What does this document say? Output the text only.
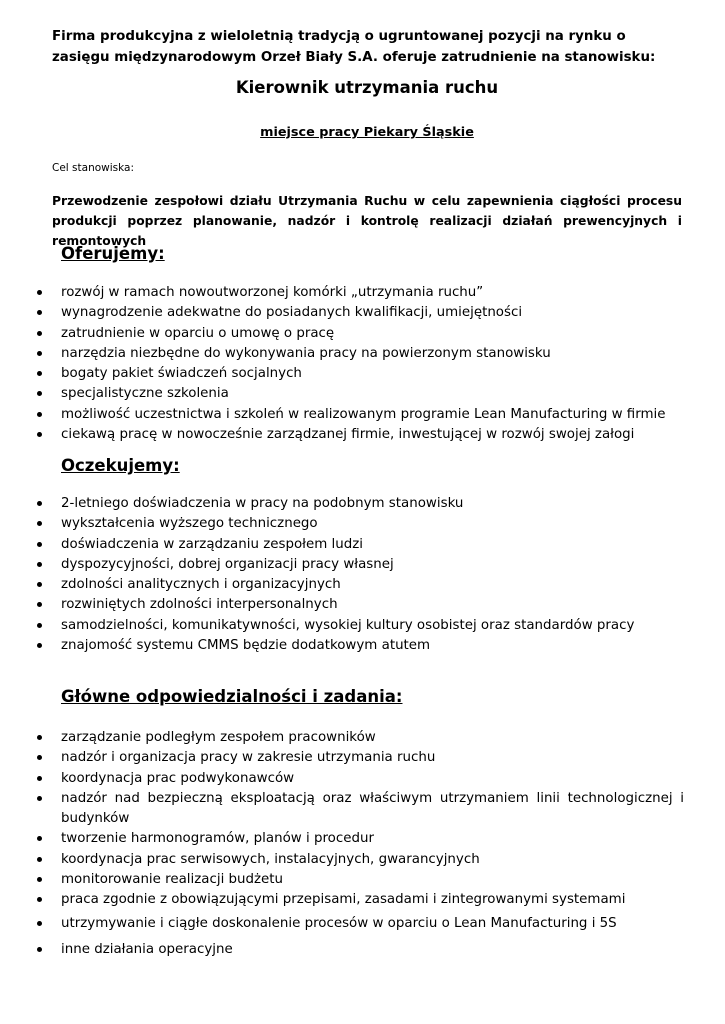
Firma produkcyjna z wieloletnią tradycją o ugruntowanej pozycji na rynku o zasięgu międzynarodowym Orzeł Biały S.A. oferuje zatrudnienie na stanowisku:

Kierownik utrzymania ruchu

miejsce pracy Piekary Śląskie

Cel stanowiska:

Przewodzenie zespołowi działu Utrzymania Ruchu w celu zapewnienia ciągłości procesu produkcji poprzez planowanie, nadzór i kontrolę realizacji działań prewencyjnych i remontowych

Oferujemy:

rozwój w ramach nowoutworzonej komórki „utrzymania ruchu”
wynagrodzenie adekwatne do posiadanych kwalifikacji, umiejętności
zatrudnienie w oparciu o umowę o pracę
narzędzia niezbędne do wykonywania pracy na powierzonym stanowisku
bogaty pakiet świadczeń socjalnych
specjalistyczne szkolenia
możliwość uczestnictwa i szkoleń w realizowanym programie Lean Manufacturing w firmie
ciekawą pracę w nowocześnie zarządzanej firmie, inwestującej w rozwój swojej załogi

Oczekujemy:

2-letniego doświadczenia w pracy na podobnym stanowisku
wykształcenia wyższego technicznego
doświadczenia w zarządzaniu zespołem ludzi
dyspozycyjności, dobrej organizacji pracy własnej
zdolności analitycznych i organizacyjnych
rozwiniętych zdolności interpersonalnych
samodzielności, komunikatywności, wysokiej kultury osobistej oraz standardów pracy
znajomość systemu CMMS będzie dodatkowym atutem

Główne odpowiedzialności i zadania:

zarządzanie podległym zespołem pracowników
nadzór i organizacja pracy w zakresie utrzymania ruchu
koordynacja prac podwykonawców
nadzór nad bezpieczną eksploatacją oraz właściwym utrzymaniem linii technologicznej i budynków
tworzenie harmonogramów, planów i procedur
koordynacja prac serwisowych, instalacyjnych, gwarancyjnych
monitorowanie realizacji budżetu
praca zgodnie z obowiązującymi przepisami, zasadami i zintegrowanymi systemami
utrzymywanie i ciągłe doskonalenie procesów w oparciu o Lean Manufacturing i 5S
inne działania operacyjne
